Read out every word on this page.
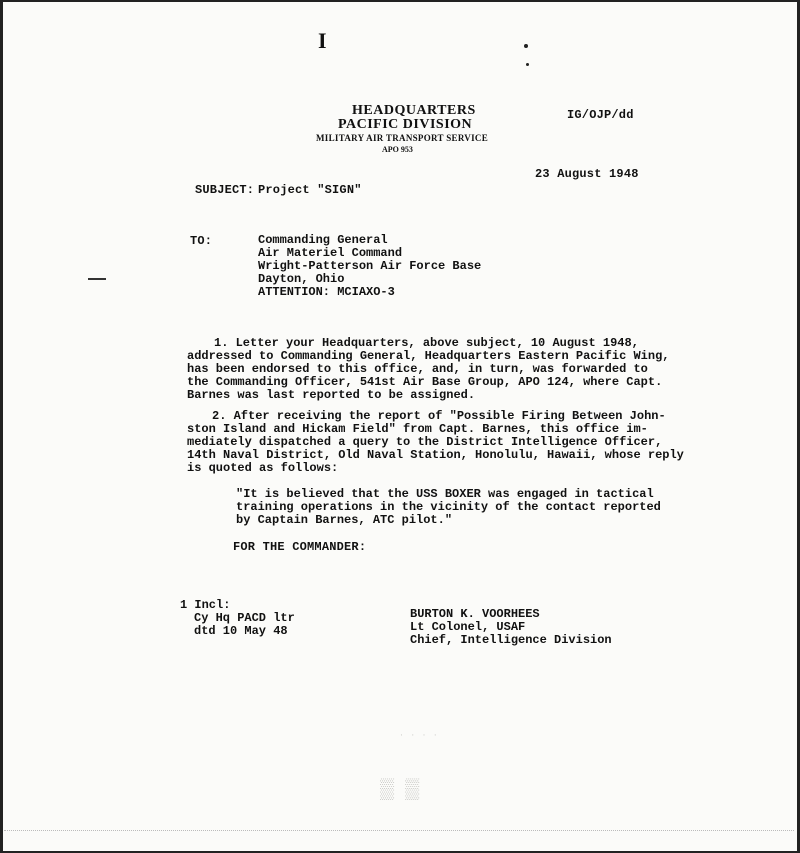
I
HEADQUARTERS
PACIFIC DIVISION
MILITARY AIR TRANSPORT SERVICE
APO 953
IG/OJP/dd
23 August 1948
SUBJECT: Project "SIGN"
TO:	Commanding General
Air Materiel Command
Wright-Patterson Air Force Base
Dayton, Ohio
ATTENTION: MCIAXO-3
1. Letter your Headquarters, above subject, 10 August 1948,
addressed to Commanding General, Headquarters Eastern Pacific Wing,
has been endorsed to this office, and, in turn, was forwarded to
the Commanding Officer, 541st Air Base Group, APO 124, where Capt.
Barnes was last reported to be assigned.
2. After receiving the report of "Possible Firing Between John-
ston Island and Hickam Field" from Capt. Barnes, this office im-
mediately dispatched a query to the District Intelligence Officer,
14th Naval District, Old Naval Station, Honolulu, Hawaii, whose reply
is quoted as follows:
"It is believed that the USS BOXER was engaged in tactical
training operations in the vicinity of the contact reported
by Captain Barnes, ATC pilot."
FOR THE COMMANDER:
1 Incl:
Cy Hq PACD ltr
dtd 10 May 48
BURTON K. VOORHEES
Lt Colonel, USAF
Chief, Intelligence Division
▒ ▒
· · · ·
